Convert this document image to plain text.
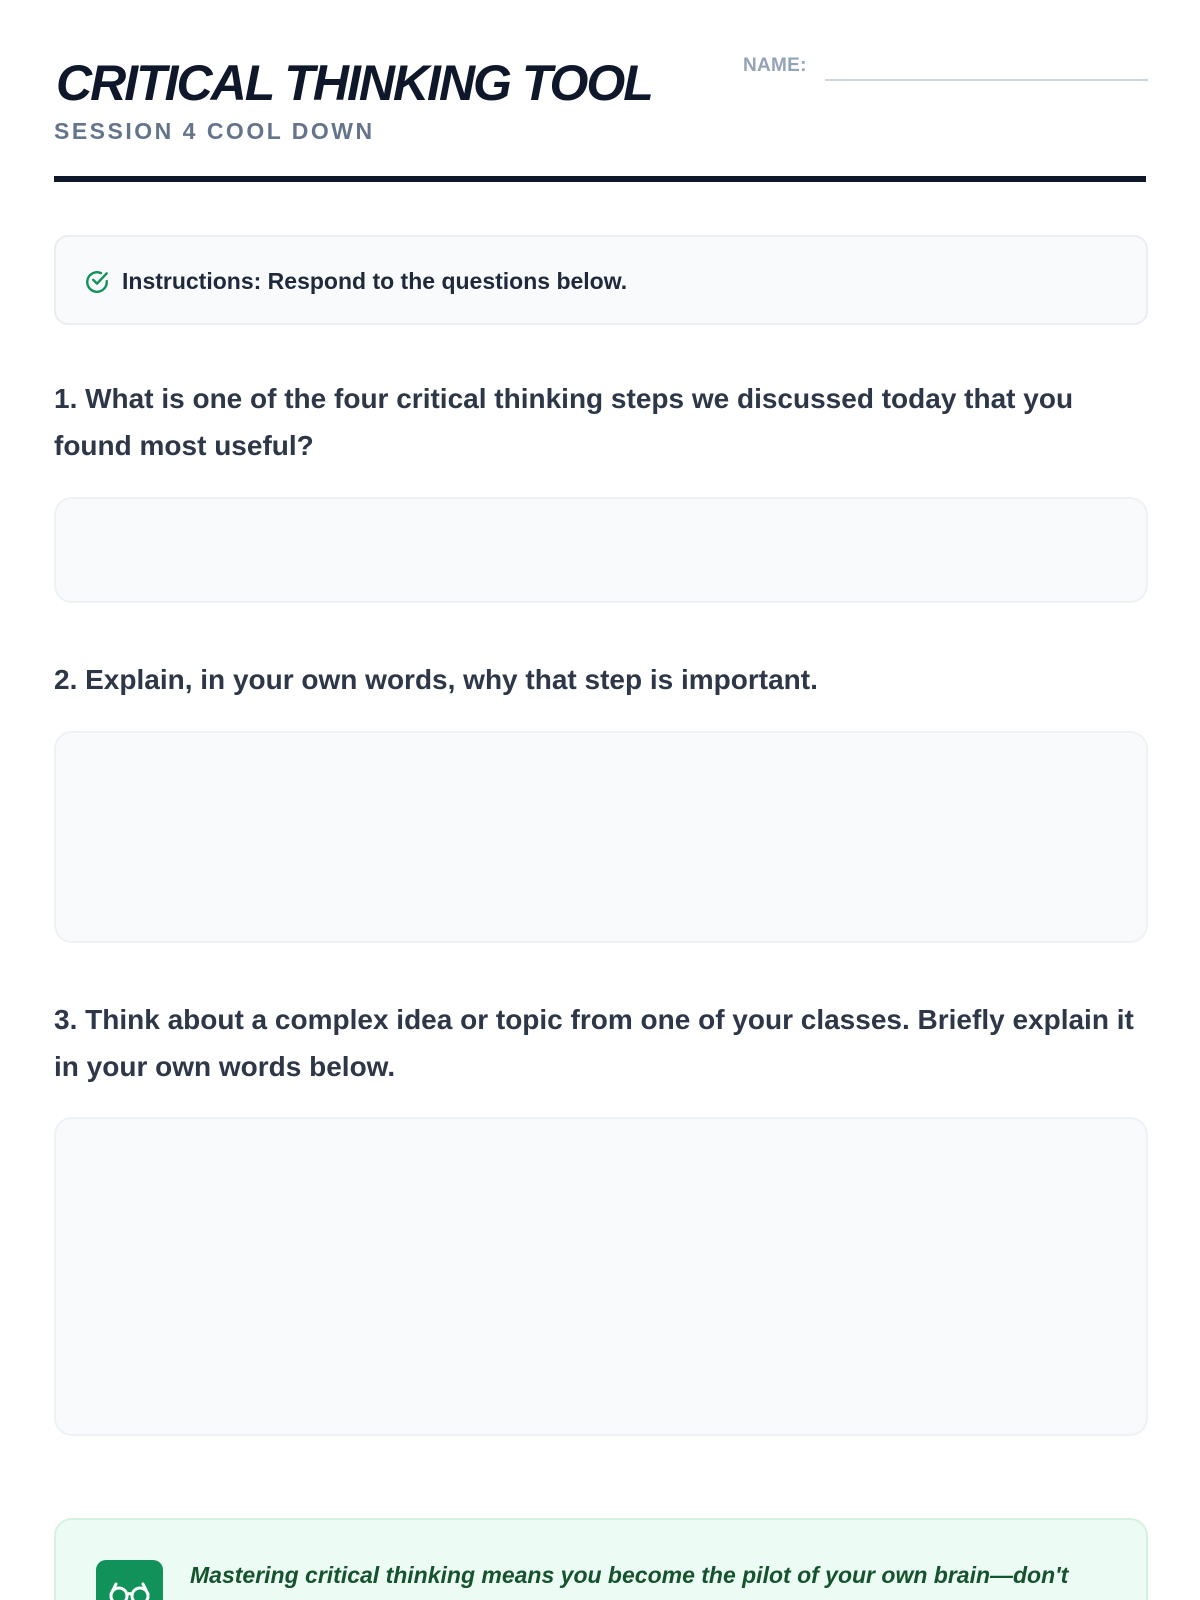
CRITICAL THINKING TOOL
SESSION 4 COOL DOWN
NAME:
Instructions: Respond to the questions below.
1. What is one of the four critical thinking steps we discussed today that you found most useful?
2. Explain, in your own words, why that step is important.
3. Think about a complex idea or topic from one of your classes. Briefly explain it in your own words below.
Mastering critical thinking means you become the pilot of your own brain—don't
